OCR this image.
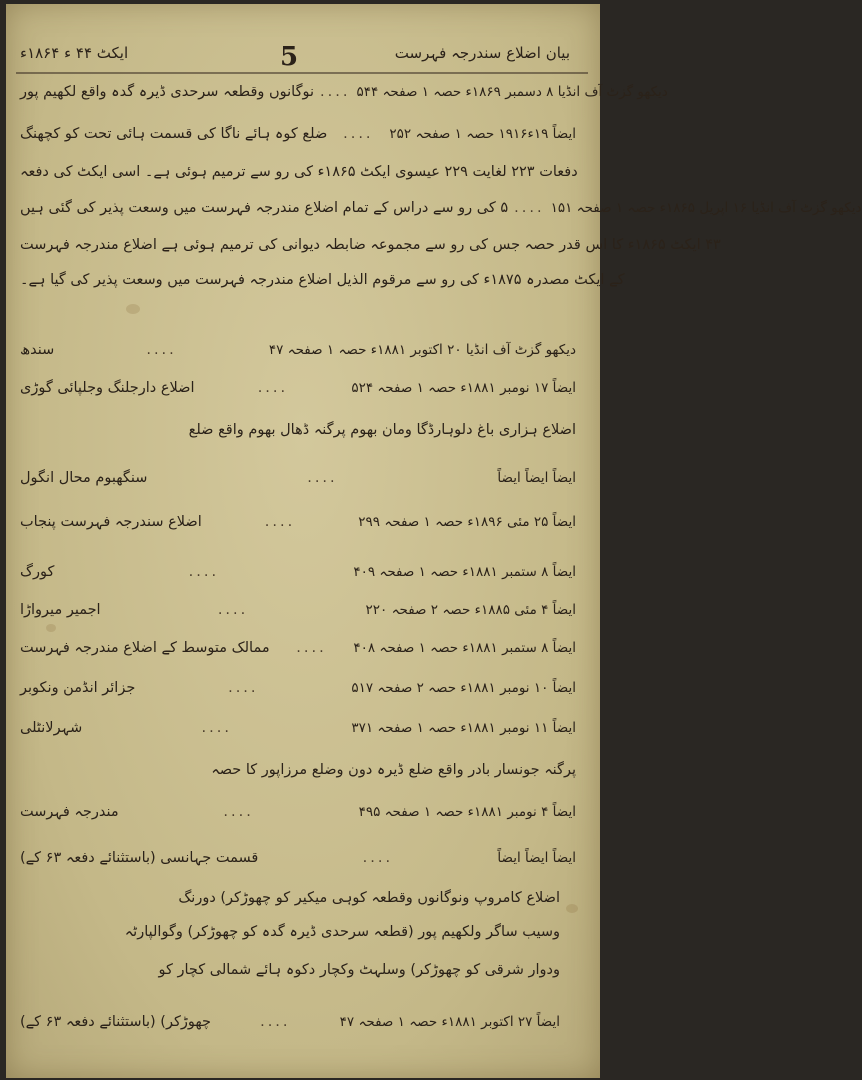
بیان اضلاع سندرجہ فہرست
5
ایکٹ ۴۴ ء ۱۸۶۴ء
نوگانوں وقطعہ سرحدی ڈیرہ گدہ واقع لکھیم پور .... دیکھو گزٹ آف انڈیا ۸ دسمبر ۱۸۶۹ء حصہ ۱ صفحہ ۵۴۴
ضلع کوہ ہائے ناگا کی قسمت ہائی تحت کو کچھنگ	....	ایضاً ۱۹ء۱۹۱۶ حصہ ۱ صفحہ ۲۵۲
دفعات ۲۲۳ لغایت ۲۲۹ عیسوی ایکٹ ۱۸۶۵ء کی رو سے ترمیم ہوئی ہے۔ اسی ایکٹ کی دفعہ
۵ کی رو سے دراس کے تمام اضلاع مندرجہ فہرست میں وسعت پذیر کی گئی ہیں .... دیکھو گزٹ آف انڈیا ۱۶ اپریل ۱۸۶۵ء حصہ ۱ صفحہ ۱۵۱
۴۳ ایکٹ ۱۸۶۵ء کا اس قدر حصہ جس کی رو سے مجموعہ ضابطہ دیوانی کی ترمیم ہوئی ہے اضلاع مندرجہ فہرست
کے ایکٹ مصدرہ ۱۸۷۵ء کی رو سے مرقوم الذیل اضلاع مندرجہ فہرست میں وسعت پذیر کی گیا ہے۔
سندھ	....	دیکھو گزٹ آف انڈیا ۲۰ اکتوبر ۱۸۸۱ء حصہ ۱ صفحہ ۴۷
اضلاع دارجلنگ وجلپائی گوڑی	....	ایضاً ۱۷ نومبر ۱۸۸۱ء حصہ ۱ صفحہ ۵۲۴
اضلاع ہزاری باغ دلوہارڈگا ومان بھوم پرگنہ ڈھال بھوم واقع ضلع
سنگھبوم محال انگول	....	ایضاً ایضاً ایضاً
اضلاع سندرجہ فہرست پنجاب	....	ایضاً ۲۵ مئی ۱۸۹۶ء حصہ ۱ صفحہ ۲۹۹
کورگ	....	ایضاً ۸ ستمبر ۱۸۸۱ء حصہ ۱ صفحہ ۴۰۹
اجمیر میرواڑا	....	ایضاً ۴ مئی ۱۸۸۵ء حصہ ۲ صفحہ ۲۲۰
ممالک متوسط کے اضلاع مندرجہ فہرست	....	ایضاً ۸ ستمبر ۱۸۸۱ء حصہ ۱ صفحہ ۴۰۸
جزائر انڈمن ونکوبر	....	ایضاً ۱۰ نومبر ۱۸۸۱ء حصہ ۲ صفحہ ۵۱۷
شہرلانٹلی	....	ایضاً ۱۱ نومبر ۱۸۸۱ء حصہ ۱ صفحہ ۳۷۱
پرگنہ جونسار بادر واقع ضلع ڈیرہ دون وضلع مرزاپور کا حصہ
مندرجہ فہرست	....	ایضاً ۴ نومبر ۱۸۸۱ء حصہ ۱ صفحہ ۴۹۵
قسمت جہانسی (باستثنائے دفعہ ۶۳ کے)	....	ایضاً ایضاً ایضاً
اضلاع کامروپ ونوگانوں وقطعہ کوہی میکیر کو چھوڑکر) دورنگ
وسیب ساگر ولکھیم پور (قطعہ سرحدی ڈیرہ گدہ کو چھوڑکر) وگوالپارٹہ
ودوار شرقی کو چھوڑکر) وسلہٹ وکچار دکوہ ہائے شمالی کچار کو
چھوڑکر) (باستثنائے دفعہ ۶۳ کے)	....	ایضاً ۲۷ اکتوبر ۱۸۸۱ء حصہ ۱ صفحہ ۴۷
